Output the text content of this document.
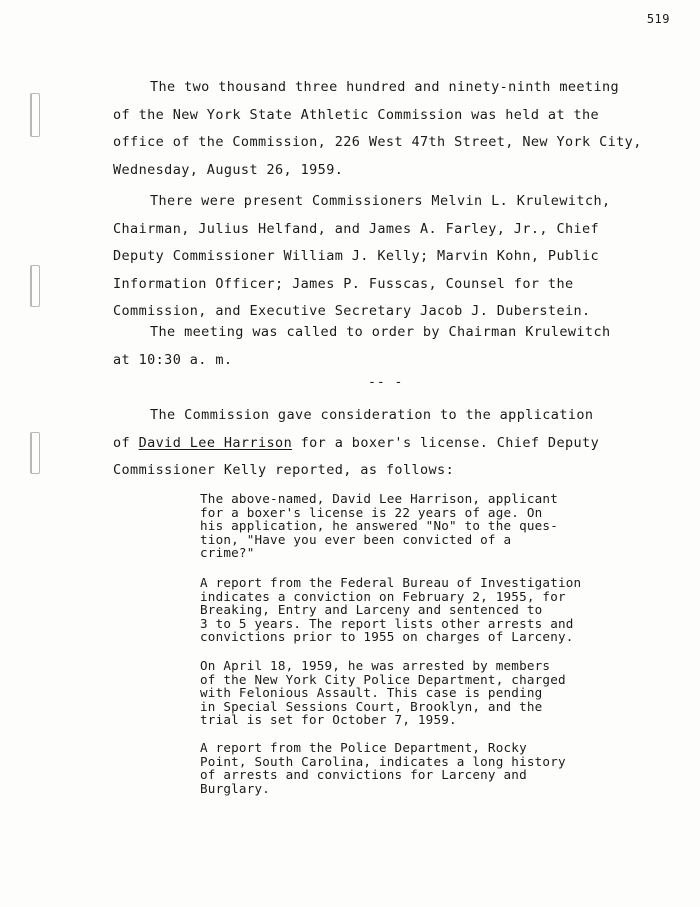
519

The two thousand three hundred and ninety-ninth meeting
of the New York State Athletic Commission was held at the
office of the Commission, 226 West 47th Street, New York City,
Wednesday, August 26, 1959.

There were present Commissioners Melvin L. Krulewitch,
Chairman, Julius Helfand, and James A. Farley, Jr., Chief
Deputy Commissioner William J. Kelly; Marvin Kohn, Public
Information Officer; James P. Fusscas, Counsel for the
Commission, and Executive Secretary Jacob J. Duberstein.

The meeting was called to order by Chairman Krulewitch
at 10:30 a. m.

-- -

The Commission gave consideration to the application
of David Lee Harrison for a boxer's license. Chief Deputy
Commissioner Kelly reported, as follows:

The above-named, David Lee Harrison, applicant
for a boxer's license is 22 years of age. On
his application, he answered "No" to the ques-
tion, "Have you ever been convicted of a
crime?"

A report from the Federal Bureau of Investigation
indicates a conviction on February 2, 1955, for
Breaking, Entry and Larceny and sentenced to
3 to 5 years. The report lists other arrests and
convictions prior to 1955 on charges of Larceny.

On April 18, 1959, he was arrested by members
of the New York City Police Department, charged
with Felonious Assault. This case is pending
in Special Sessions Court, Brooklyn, and the
trial is set for October 7, 1959.

A report from the Police Department, Rocky
Point, South Carolina, indicates a long history
of arrests and convictions for Larceny and
Burglary.
